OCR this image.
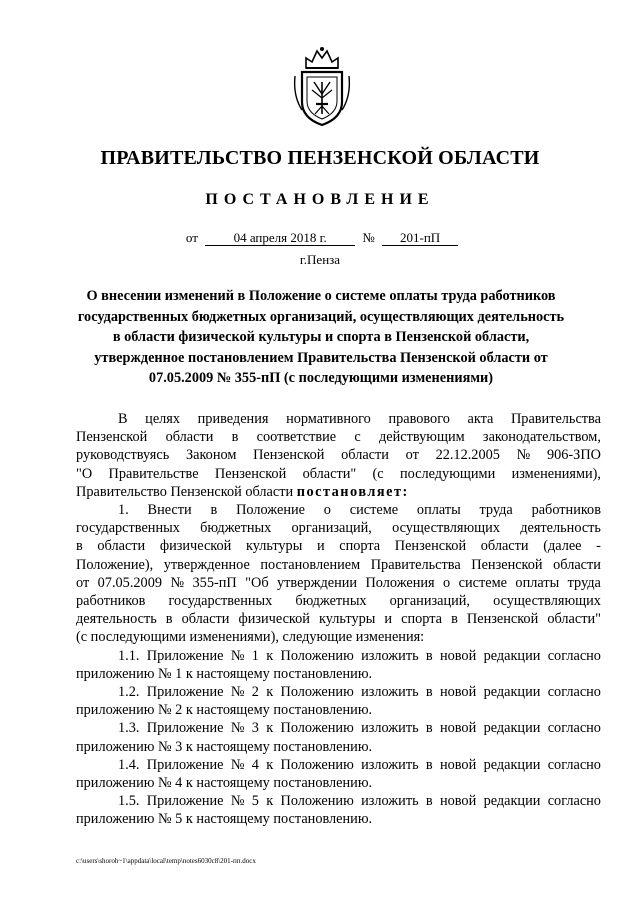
ПРАВИТЕЛЬСТВО ПЕНЗЕНСКОЙ ОБЛАСТИ
ПОСТАНОВЛЕНИЕ
от	04 апреля 2018 г.	№ 201-пП
г.Пенза
О внесении изменений в Положение о системе оплаты труда работников
государственных бюджетных организаций, осуществляющих деятельность
в области физической культуры и спорта в Пензенской области,
утвержденное постановлением Правительства Пензенской области от
07.05.2009 № 355-пП (с последующими изменениями)
В целях приведения нормативного правового акта Правительства
Пензенской области в соответствие с действующим законодательством,
руководствуясь Законом Пензенской области от 22.12.2005 № 906-ЗПО
"О Правительстве Пензенской области" (с последующими изменениями),
Правительство Пензенской области постановляет:
1. Внести в Положение о системе оплаты труда работников
государственных бюджетных организаций, осуществляющих деятельность
в области физической культуры и спорта Пензенской области (далее -
Положение), утвержденное постановлением Правительства Пензенской области
от 07.05.2009 № 355-пП "Об утверждении Положения о системе оплаты труда
работников государственных бюджетных организаций, осуществляющих
деятельность в области физической культуры и спорта в Пензенской области"
(с последующими изменениями), следующие изменения:
1.1. Приложение № 1 к Положению изложить в новой редакции согласно
приложению № 1 к настоящему постановлению.
1.2. Приложение № 2 к Положению изложить в новой редакции согласно
приложению № 2 к настоящему постановлению.
1.3. Приложение № 3 к Положению изложить в новой редакции согласно
приложению № 3 к настоящему постановлению.
1.4. Приложение № 4 к Положению изложить в новой редакции согласно
приложению № 4 к настоящему постановлению.
1.5. Приложение № 5 к Положению изложить в новой редакции согласно
приложению № 5 к настоящему постановлению.
c:\users\shoroh~1\appdata\local\temp\notes6030c8\201-пп.docx
